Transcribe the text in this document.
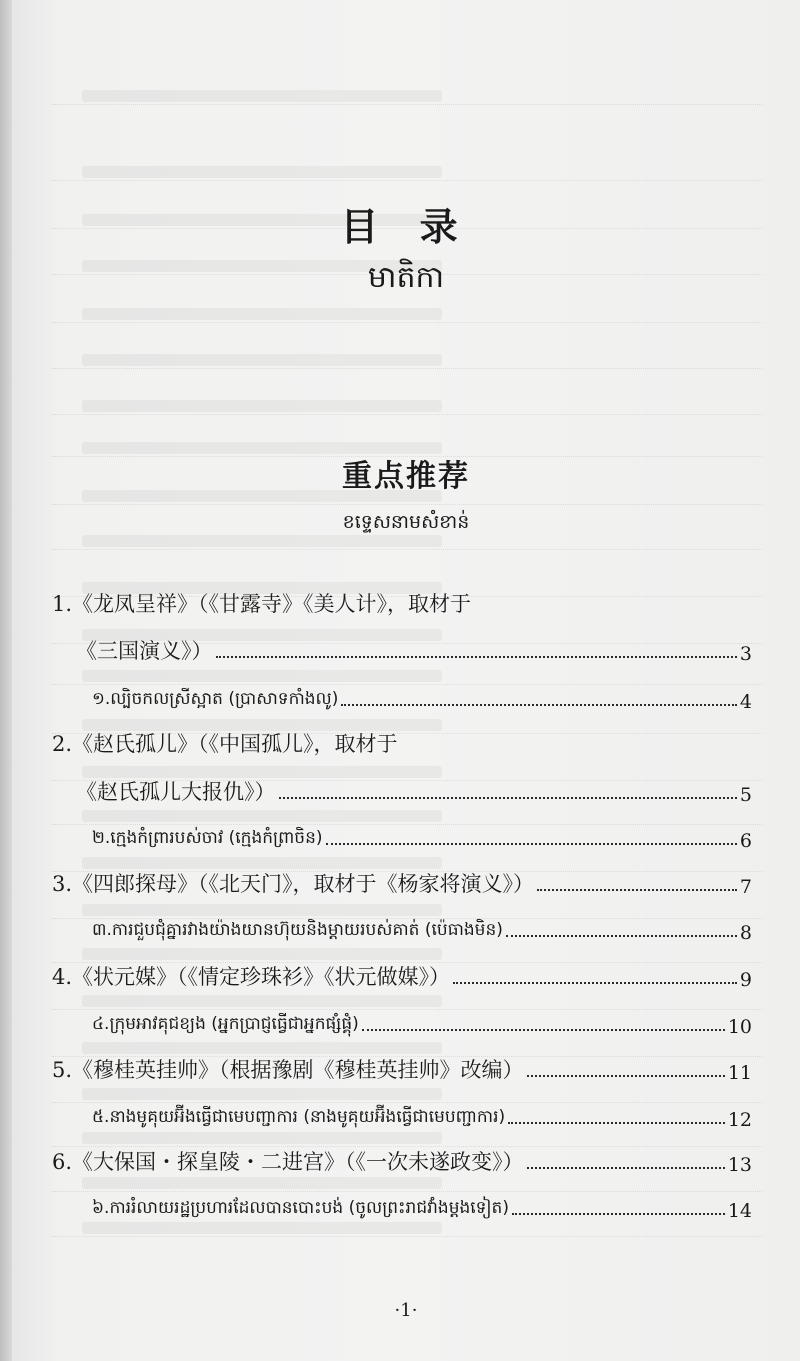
目 录
មាតិកា
重点推荐
ខទ្ទេសនាមសំខាន់
1.《龙凤呈祥》（《甘露寺》《美人计》，取材于
《三国演义》）	3
១.ល្បិចកលស្រីស្អាត (ប្រាសាទកាំងលូ)	4
2.《赵氏孤儿》（《中国孤儿》，取材于
《赵氏孤儿大报仇》）	5
២.ក្មេងកំព្រារបស់ចាវ (ក្មេងកំព្រាចិន)	6
3.《四郎探母》（《北天门》，取材于《杨家将演义》）	7
៣.ការជួបជុំគ្នារវាងយ៉ាងយានហ៊ុយនិងម្ដាយរបស់គាត់ (ប៉េធាងមិន)	8
4.《状元媒》（《情定珍珠衫》《状元做媒》）	9
៤.ក្រុមអាវគុជខ្យង (អ្នកប្រាជ្ញធ្វើជាអ្នកផ្សំផ្គុំ)	10
5.《穆桂英挂帅》（根据豫剧《穆桂英挂帅》改编）	11
៥.នាងមូគុយអ៊ីងធ្វើជាមេបញ្ជាការ (នាងមូគុយអ៊ីងធ្វើជាមេបញ្ជាការ)	12
6.《大保国・探皇陵・二进宫》（《一次未遂政变》）	13
៦.ការរំលាយរដ្ឋប្រហារដែលបានបោះបង់ (ចូលព្រះរាជវាំងម្ដងទៀត)	14
·1·
